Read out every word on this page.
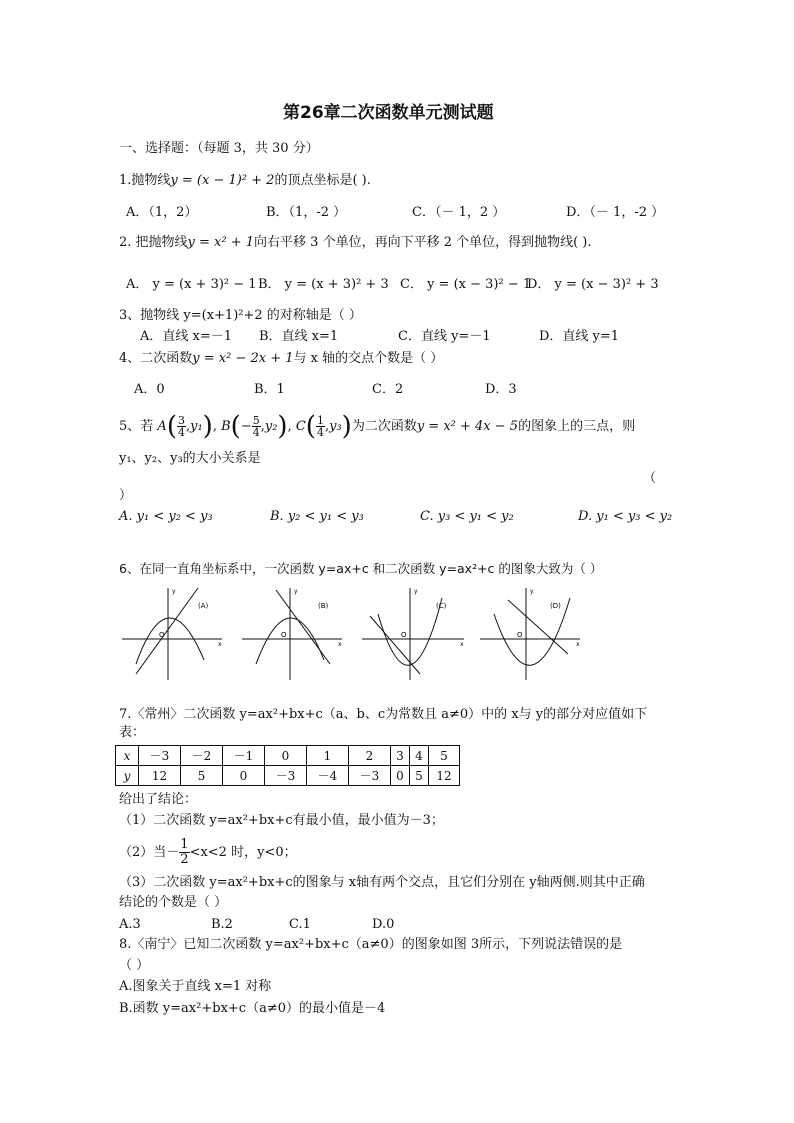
第26章二次函数单元测试题
一、选择题：（每题 3，共 30 分）
1.抛物线y = (x − 1)² + 2的顶点坐标是( ).
A．（1，2）	B．（1，-2 ）	C．（－ 1，2 ）	D．（－ 1，-2 ）
2. 把抛物线y = x² + 1向右平移 3 个单位，再向下平移 2 个单位，得到抛物线( ).
A． y = (x + 3)² − 1 B． y = (x + 3)² + 3 C． y = (x − 3)² − 1
D． y = (x − 3)² + 3
3、抛物线 y=(x+1)²+2 的对称轴是（ ）
A．直线 x=－1 B．直线 x=1	C．直线 y=－1	D．直线 y=1
4、二次函数y = x² − 2x + 1与 x 轴的交点个数是（ ）
A．0	B．1	C．2	D．3
5、若 $A( \frac{3}{4} ,y_1)$, $B(- \frac{5}{4} ,y_2)$, $C( \frac{1}{4} ,y_3)$为二次函数y = x² + 4x − 5的图象上的三点，则
y₁、y₂、y₃的大小关系是
（
）
A. y₁ < y₂ < y₃	B. y₂ < y₁ < y₃	C. y₃ < y₁ < y₂	D. y₁ < y₃ < y₂
6、在同一直角坐标系中，一次函数 y=ax+c 和二次函数 y=ax²+c 的图象大致为（ ）
(A)
O
x
y
(B)
O
x
y
(C)
O
x
y
(D)
O
x
y
7.〈常州〉二次函数 y=ax²+bx+c（a、b、c为常数且 a≠0）中的 x与 y的部分对应值如下
表：
x	－3	－2	－1	0	1	2	3	4	5
y	12	5	0	－3	－4	－3	0	5	12
给出了结论：
（1）二次函数 y=ax²+bx+c有最小值，最小值为－3；
（2）当－ $\frac{1}{2} <x<2$ 时，y<0；
（3）二次函数 y=ax²+bx+c的图象与 x轴有两个交点，且它们分别在 y轴两侧.则其中正确
结论的个数是（ ）
A.3	B.2	C.1	D.0
8.〈南宁〉已知二次函数 y=ax²+bx+c（a≠0）的图象如图 3所示，下列说法错误的是
（ ）
A.图象关于直线 x=1 对称
B.函数 y=ax²+bx+c（a≠0）的最小值是－4
